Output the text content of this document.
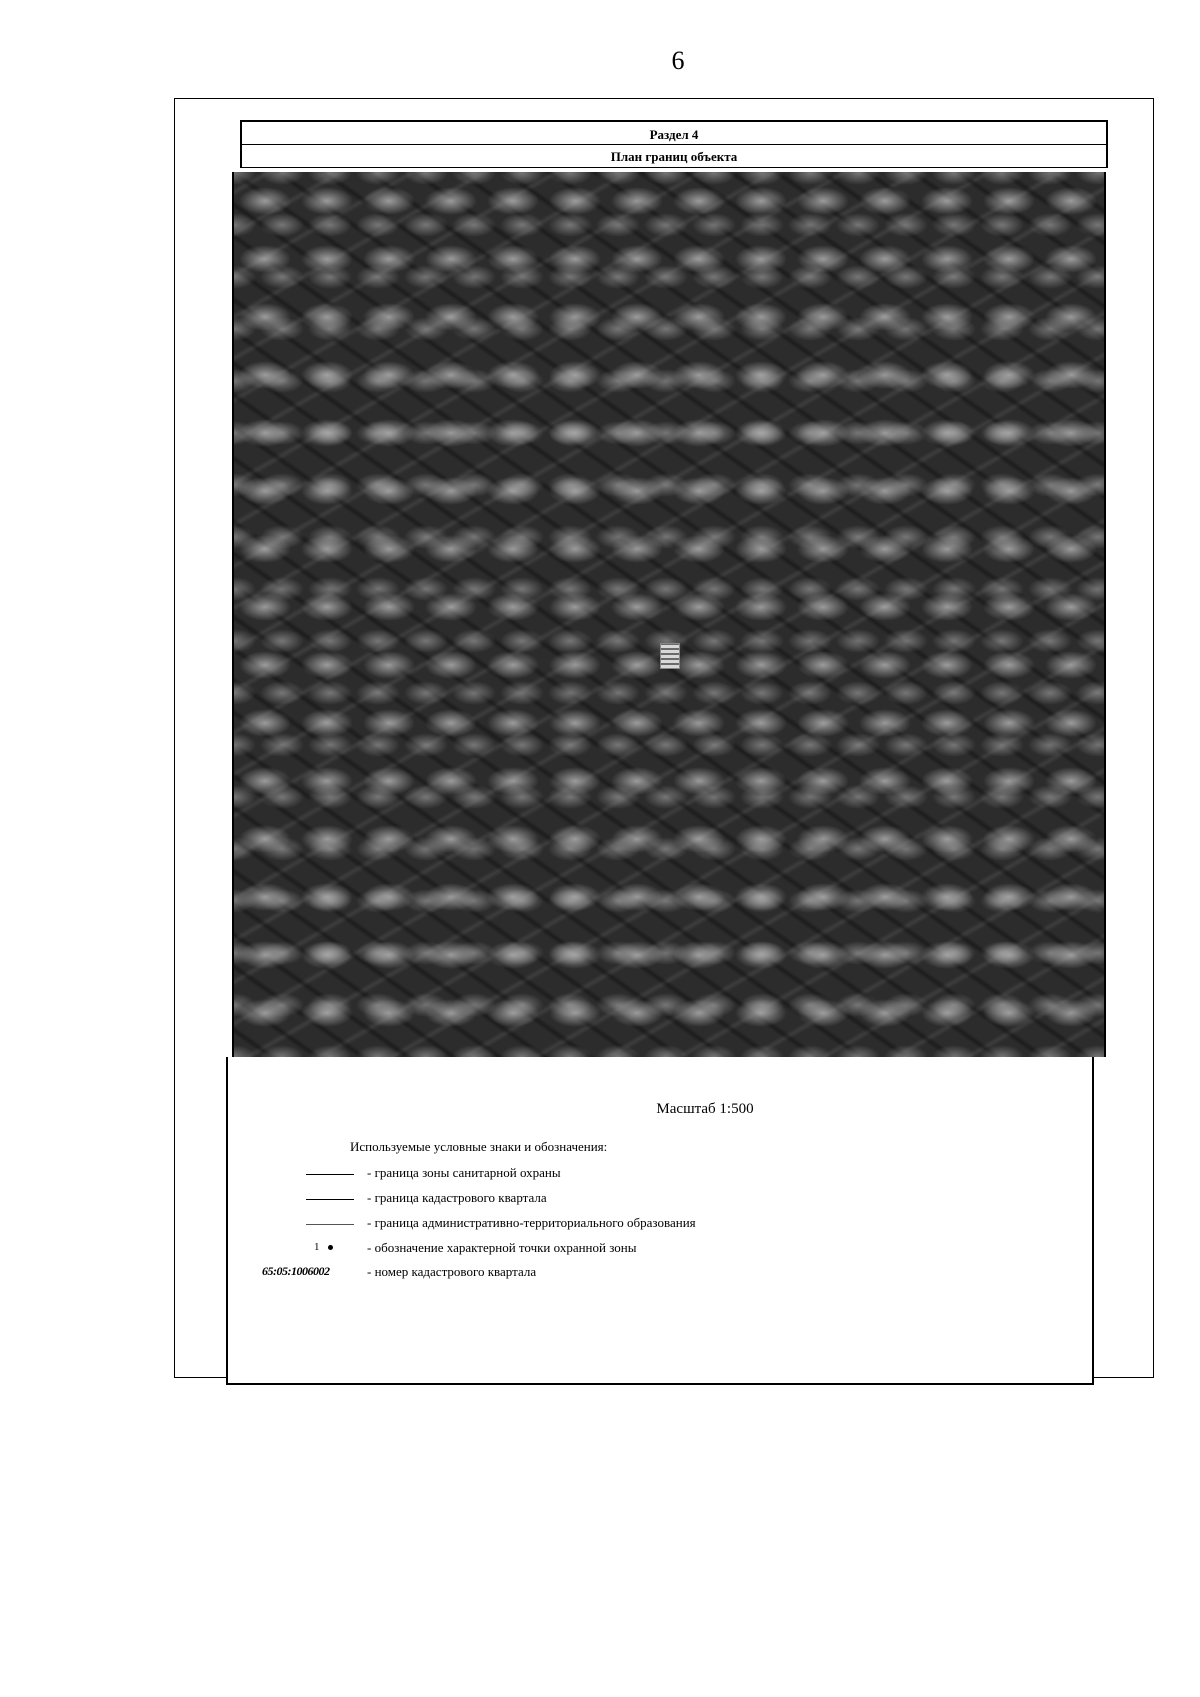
6
Раздел 4
План границ объекта
Масштаб 1:500
Используемые условные знаки и обозначения:
- граница зоны санитарной охраны
- граница кадастрового квартала
- граница административно-территориального образования
1	- обозначение характерной точки охранной зоны
65:05:1006002	- номер кадастрового квартала
